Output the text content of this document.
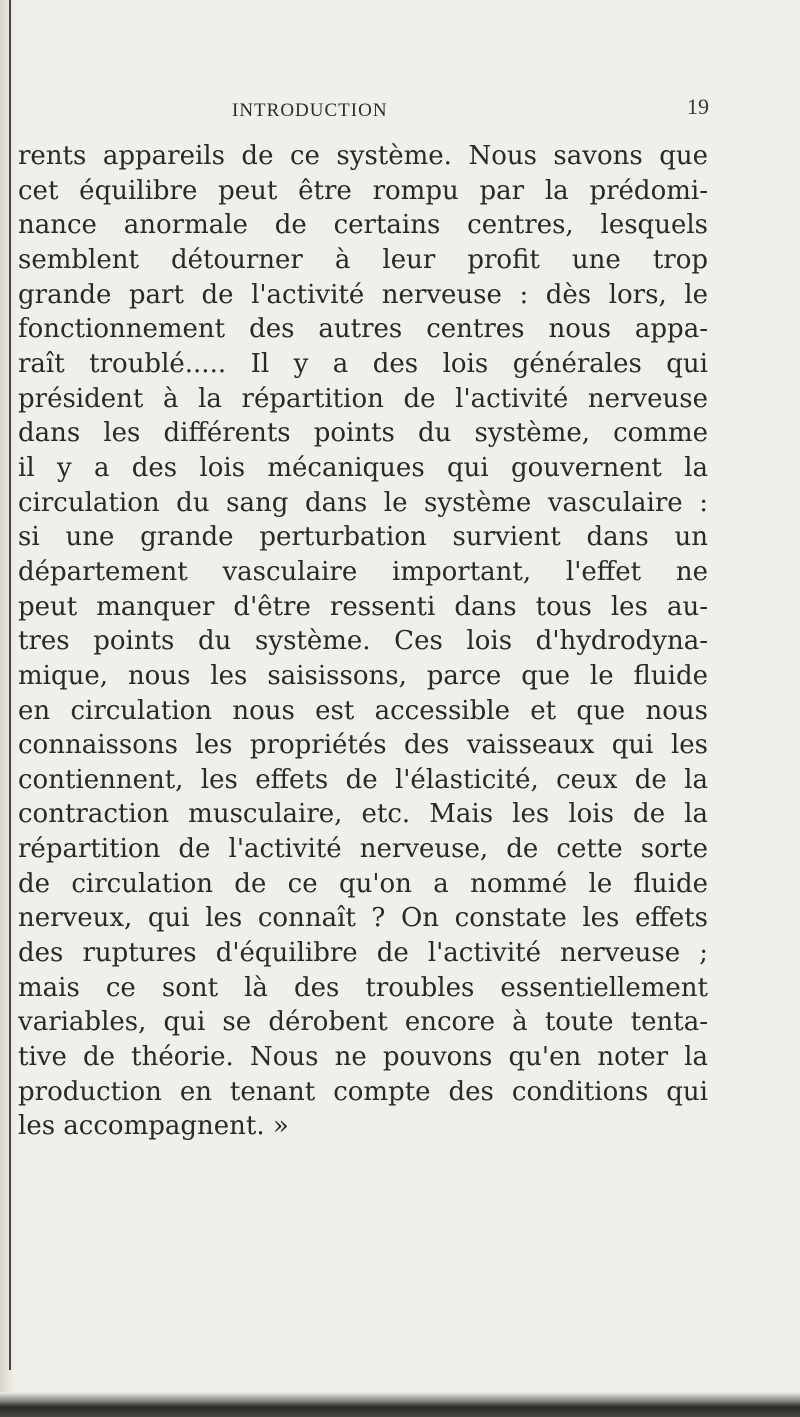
INTRODUCTION	19
rents appareils de ce système. Nous savons que
cet équilibre peut être rompu par la prédomi-
nance anormale de certains centres, lesquels
semblent détourner à leur profit une trop
grande part de l'activité nerveuse : dès lors, le
fonctionnement des autres centres nous appa-
raît troublé..... Il y a des lois générales qui
président à la répartition de l'activité nerveuse
dans les différents points du système, comme
il y a des lois mécaniques qui gouvernent la
circulation du sang dans le système vasculaire :
si une grande perturbation survient dans un
département vasculaire important, l'effet ne
peut manquer d'être ressenti dans tous les au-
tres points du système. Ces lois d'hydrodyna-
mique, nous les saisissons, parce que le fluide
en circulation nous est accessible et que nous
connaissons les propriétés des vaisseaux qui les
contiennent, les effets de l'élasticité, ceux de la
contraction musculaire, etc. Mais les lois de la
répartition de l'activité nerveuse, de cette sorte
de circulation de ce qu'on a nommé le fluide
nerveux, qui les connaît ? On constate les effets
des ruptures d'équilibre de l'activité nerveuse ;
mais ce sont là des troubles essentiellement
variables, qui se dérobent encore à toute tenta-
tive de théorie. Nous ne pouvons qu'en noter la
production en tenant compte des conditions qui
les accompagnent. »
